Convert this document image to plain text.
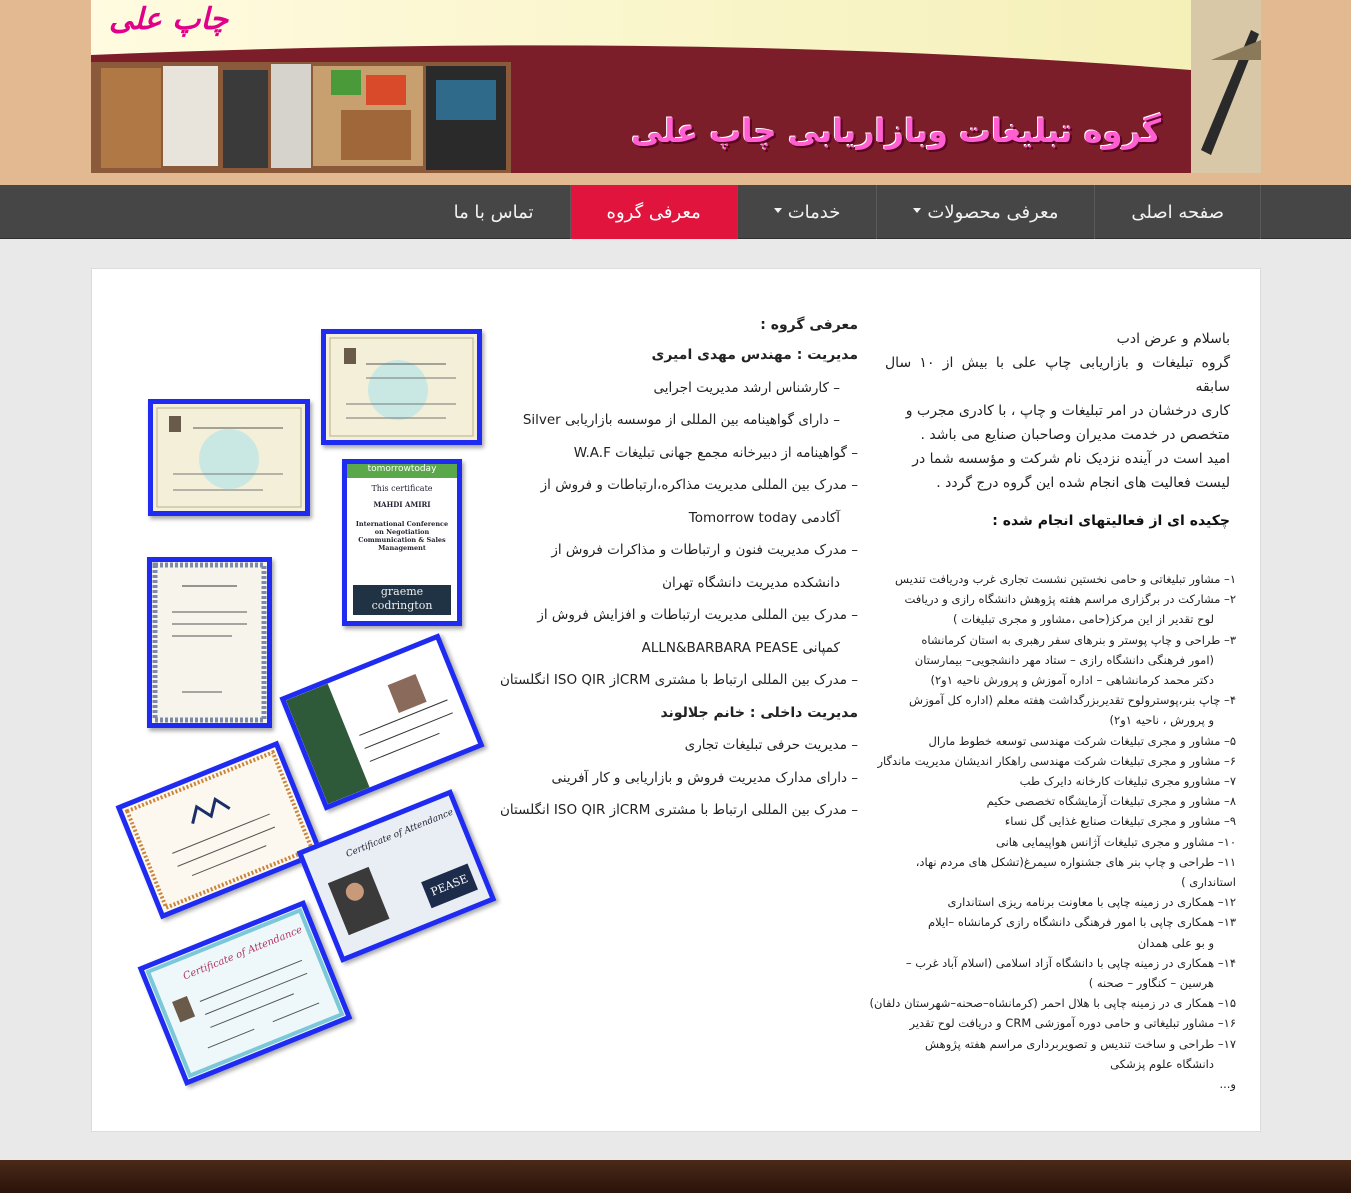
چاپ علی
گروه تبلیغات وبازاریابی چاپ علی
صفحه اصلی
معرفی محصولات
خدمات
معرفی گروه
تماس با ما

باسلام و عرض ادب

گروه تبلیغات و بازاریابی چاپ علی با بیش از ۱۰ سال سابقه

کاری درخشان در امر تبلیغات و چاپ ، با کادری مجرب و

متخصص در خدمت مدیران وصاحبان صنایع می باشد .

امید است در آینده نزدیک نام شرکت و مؤسسه شما در

لیست فعالیت های انجام شده این گروه درج گردد .

چکیده ای از فعالیتهای انجام شده :
۱– مشاور تبلیغاتی و حامی نخستین نشست تجاری غرب ودریافت تندیس
۲– مشارکت در برگزاری مراسم هفته پژوهش دانشگاه رازی و دریافت
لوح تقدیر از این مرکز(حامی ،مشاور و مجری تبلیغات )
۳– طراحی و چاپ پوستر و بنرهای سفر رهبری به استان کرمانشاه
(امور فرهنگی دانشگاه رازی – ستاد مهر دانشجویی– بیمارستان
دکتر محمد کرمانشاهی – اداره آموزش و پرورش ناحیه ۱و۲)
۴– چاپ بنر،پوسترولوح تقدیربزرگداشت هفته معلم (اداره کل آموزش
و پرورش ، ناحیه ۱و۲)
۵– مشاور و مجری تبلیغات شرکت مهندسی توسعه خطوط مارال
۶– مشاور و مجری تبلیغات شرکت مهندسی راهکار اندیشان مدیریت ماندگار
۷– مشاورو مجری تبلیغات کارخانه دایرک طب
۸– مشاور و مجری تبلیغات آزمایشگاه تخصصی حکیم
۹– مشاور و مجری تبلیغات صنایع غذایی گل نساء
۱۰– مشاور و مجری تبلیغات آژانس هواپیمایی هانی
۱۱– طراحی و چاپ بنر های جشنواره سیمرغ(تشکل های مردم نهاد، استانداری )
۱۲– همکاری در زمینه چاپی با معاونت برنامه ریزی استانداری
۱۳– همکاری چاپی با امور فرهنگی دانشگاه رازی کرمانشاه –ایلام
و بو علی همدان
۱۴– همکاری در زمینه چاپی با دانشگاه آزاد اسلامی (اسلام آباد غرب –
هرسین – کنگاور – صحنه )
۱۵– همکار ی در زمینه چاپی با هلال احمر (کرمانشاه–صحنه–شهرستان دلفان)
۱۶– مشاور تبلیغاتی و حامی دوره آموزشی CRM و دریافت لوح تقدیر
۱۷– طراحی و ساخت تندیس و تصویربرداری مراسم هفته پژوهش
دانشگاه علوم پزشکی
و...
معرفی گروه :
مدیریت : مهندس مهدی امیری
– کارشناس ارشد مدیریت اجرایی
– دارای گواهینامه بین المللی از موسسه بازاریابی Silver
– گواهینامه از دبیرخانه مجمع جهانی تبلیغات W.A.F
– مدرک بین المللی مدیریت مذاکره،ارتباطات و فروش از
آکادمی Tomorrow today
– مدرک مدیریت فنون و ارتباطات و مذاکرات فروش از
دانشکده مدیریت دانشگاه تهران
– مدرک بین المللی مدیریت ارتباطات و افزایش فروش از
کمپانی ALLN&BARBARA PEASE
– مدرک بین المللی ارتباط با مشتری CRMاز ISO QIR انگلستان
مدیریت داخلی : خانم جلالوند
– مدیریت حرفی تبلیغات تجاری
– دارای مدارک مدیریت فروش و بازاریابی و کار آفرینی
– مدرک بین المللی ارتباط با مشتری CRMاز ISO QIR انگلستان
tomorrowtoday
This certificate
MAHDI AMIRI
International Conference on Negotiation Communication & Sales Management
graeme codrington
Certificate of Attendance
PEASE
Certificate of Attendance
